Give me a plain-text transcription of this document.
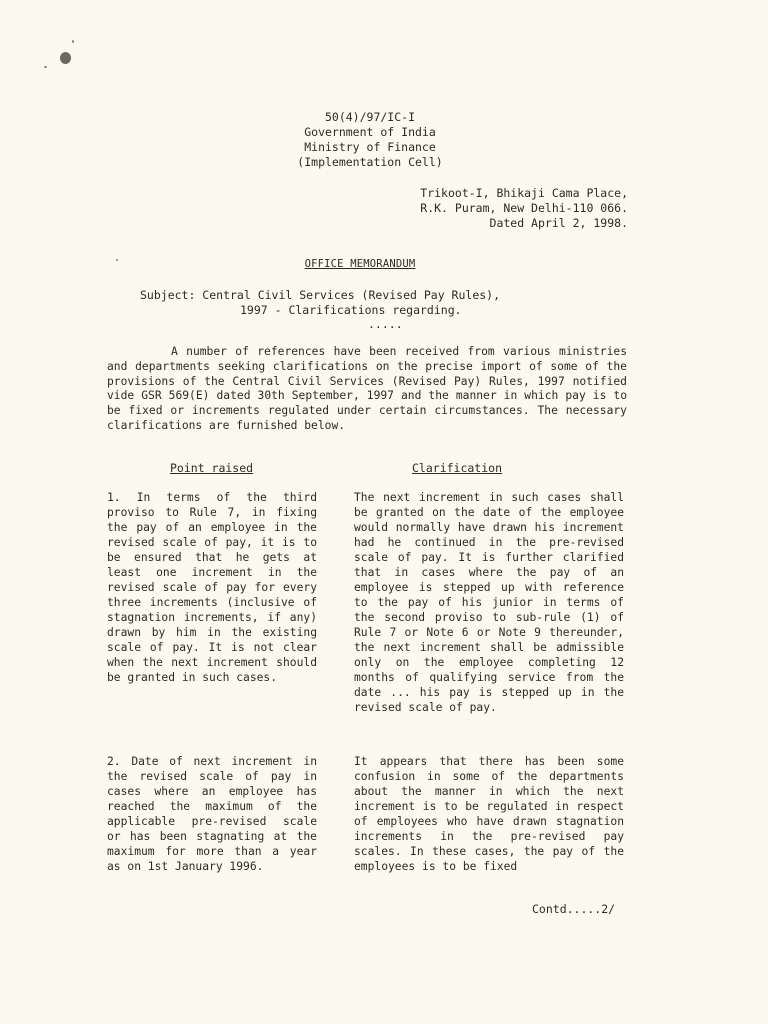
50(4)/97/IC-I
Government of India
Ministry of Finance
(Implementation Cell)
Trikoot-I, Bhikaji Cama Place,
R.K. Puram, New Delhi-110 066.
Dated April 2, 1998.
OFFICE MEMORANDUM
Subject: Central Civil Services (Revised Pay Rules),
1997 - Clarifications regarding.
.....
A number of references have been received from various ministries and departments seeking clarifications on the precise import of some of the provisions of the Central Civil Services (Revised Pay) Rules, 1997 notified vide GSR 569(E) dated 30th September, 1997 and the manner in which pay is to be fixed or increments regulated under certain circumstances. The necessary clarifications are furnished below.
Point raised	Clarification
1. In terms of the third proviso to Rule 7, in fixing the pay of an employee in the revised scale of pay, it is to be ensured that he gets at least one increment in the revised scale of pay for every three increments (inclusive of stagnation increments, if any) drawn by him in the existing scale of pay. It is not clear when the next increment should be granted in such cases.
The next increment in such cases shall be granted on the date of the employee would normally have drawn his increment had he continued in the pre-revised scale of pay. It is further clarified that in cases where the pay of an employee is stepped up with reference to the pay of his junior in terms of the second proviso to sub-rule (1) of Rule 7 or Note 6 or Note 9 thereunder, the next increment shall be admissible only on the employee completing 12 months of qualifying service from the date ... his pay is stepped up in the revised scale of pay.
2. Date of next increment in the revised scale of pay in cases where an employee has reached the maximum of the applicable pre-revised scale or has been stagnating at the maximum for more than a year as on 1st January 1996.
It appears that there has been some confusion in some of the departments about the manner in which the next increment is to be regulated in respect of employees who have drawn stagnation increments in the pre-revised pay scales. In these cases, the pay of the employees is to be fixed
Contd.....2/
